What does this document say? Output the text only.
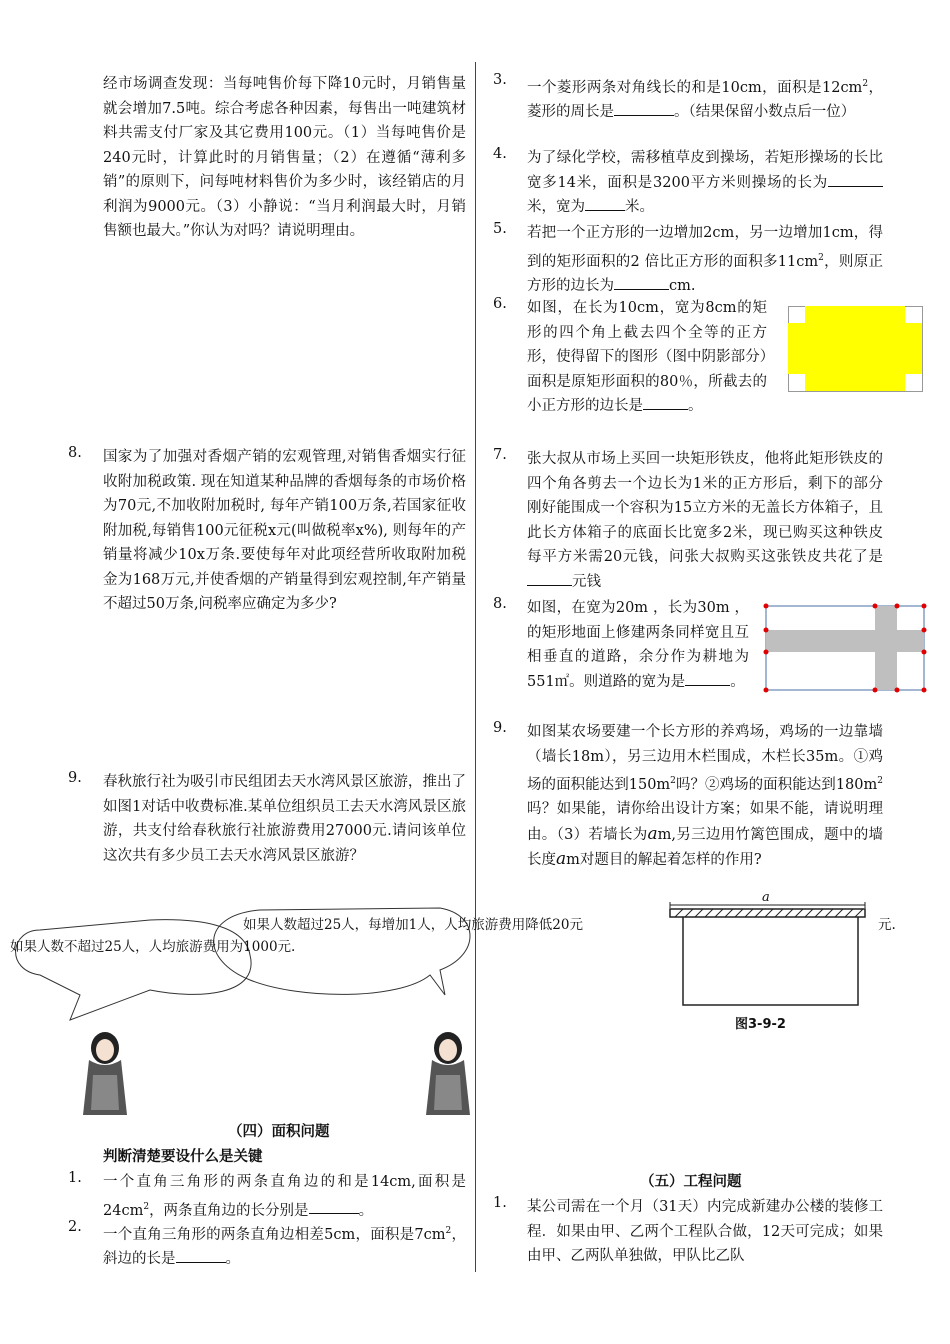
经市场调查发现：当每吨售价每下降10元时，月销售量就会增加7.5吨。综合考虑各种因素，每售出一吨建筑材料共需支付厂家及其它费用100元。（1）当每吨售价是240元时，计算此时的月销售量；（2）在遵循“薄利多销”的原则下，问每吨材料售价为多少时，该经销店的月利润为9000元。（3）小静说：“当月利润最大时，月销售额也最大。”你认为对吗？请说明理由。
8.	国家为了加强对香烟产销的宏观管理,对销售香烟实行征收附加税政策. 现在知道某种品牌的香烟每条的市场价格为70元,不加收附加税时, 每年产销100万条,若国家征收附加税,每销售100元征税x元(叫做税率x%), 则每年的产销量将减少10x万条.要使每年对此项经营所收取附加税金为168万元,并使香烟的产销量得到宏观控制,年产销量不超过50万条,问税率应确定为多少?
9.	春秋旅行社为吸引市民组团去天水湾风景区旅游，推出了如图1对话中收费标准.某单位组织员工去天水湾风景区旅游，共支付给春秋旅行社旅游费用27000元.请问该单位这次共有多少员工去天水湾风景区旅游？
如果人数不超过25人，人均旅游费用为1000元.
如果人数超过25人，每增加1人，人均旅游费用降低20元	元.
（四）面积问题
判断清楚要设什么是关键
1.	一个直角三角形的两条直角边的和是14cm,面积是$24cm^2$，两条直角边的长分别是	。
2.	一个直角三角形的两条直角边相差5cm，面积是$7cm^2$，斜边的长是	。
3.	一个菱形两条对角线长的和是10cm，面积是$12cm^2$，菱形的周长是	。（结果保留小数点后一位）
4.	为了绿化学校，需移植草皮到操场，若矩形操场的长比宽多14米，面积是3200平方米则操场的长为米，宽为	米。
5.	若把一个正方形的一边增加2cm，另一边增加1cm，得到的矩形面积的2 倍比正方形的面积多$11cm^2$，则原正方形的边长为	cm.
6.	如图，在长为10cm，宽为8cm的矩形的四个角上截去四个全等的正方形，使得留下的图形（图中阴影部分）面积是原矩形面积的80％，所截去的小正方形的边长是	。
7.	张大叔从市场上买回一块矩形铁皮，他将此矩形铁皮的四个角各剪去一个边长为1米的正方形后，剩下的部分刚好能围成一个容积为15立方米的无盖长方体箱子，且此长方体箱子的底面长比宽多2米，现已购买这种铁皮每平方米需20元钱，问张大叔购买这张铁皮共花了是元钱
8.	如图，在宽为20m ，长为30m ，的矩形地面上修建两条同样宽且互相垂直的道路，余分作为耕地为551㎡。则道路的宽为是	。
9.	如图某农场要建一个长方形的养鸡场，鸡场的一边靠墙（墙长18m），另三边用木栏围成，木栏长35m。①鸡场的面积能达到$150m^2$吗？②鸡场的面积能达到$180m^2$吗？如果能，请你给出设计方案；如果不能，请说明理由。（3）若墙长为am,另三边用竹篱笆围成，题中的墙长度am对题目的解起着怎样的作用?
a
图3-9-2
（五）工程问题
1.	某公司需在一个月（31天）内完成新建办公楼的装修工程．如果由甲、乙两个工程队合做，12天可完成；如果由甲、乙两队单独做，甲队比乙队
